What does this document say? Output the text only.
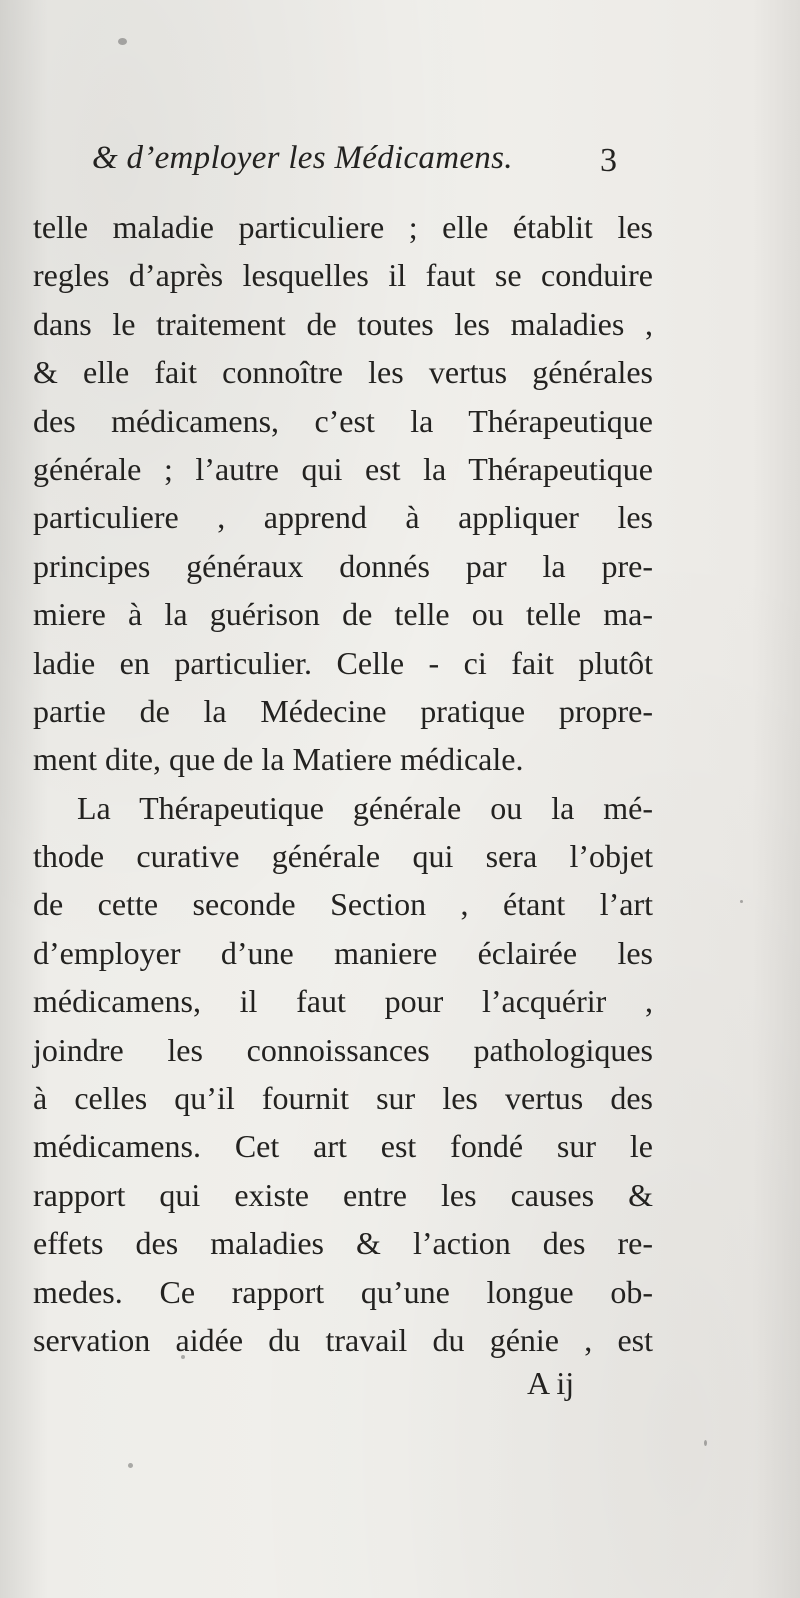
& d’employer les Médicamens.	3
telle maladie particuliere ; elle établit les
regles d’après lesquelles il faut se conduire
dans le traitement de toutes les maladies ,
& elle fait connoître les vertus générales
des médicamens, c’est la Thérapeutique
générale ; l’autre qui est la Thérapeutique
particuliere , apprend à appliquer les
principes généraux donnés par la pre-
miere à la guérison de telle ou telle ma-
ladie en particulier. Celle - ci fait plutôt
partie de la Médecine pratique propre-
ment dite, que de la Matiere médicale.
La Thérapeutique générale ou la mé-
thode curative générale qui sera l’objet
de cette seconde Section , étant l’art
d’employer d’une maniere éclairée les
médicamens, il faut pour l’acquérir ,
joindre les connoissances pathologiques
à celles qu’il fournit sur les vertus des
médicamens. Cet art est fondé sur le
rapport qui existe entre les causes &
effets des maladies & l’action des re-
medes. Ce rapport qu’une longue ob-
servation aidée du travail du génie , est
A ij
